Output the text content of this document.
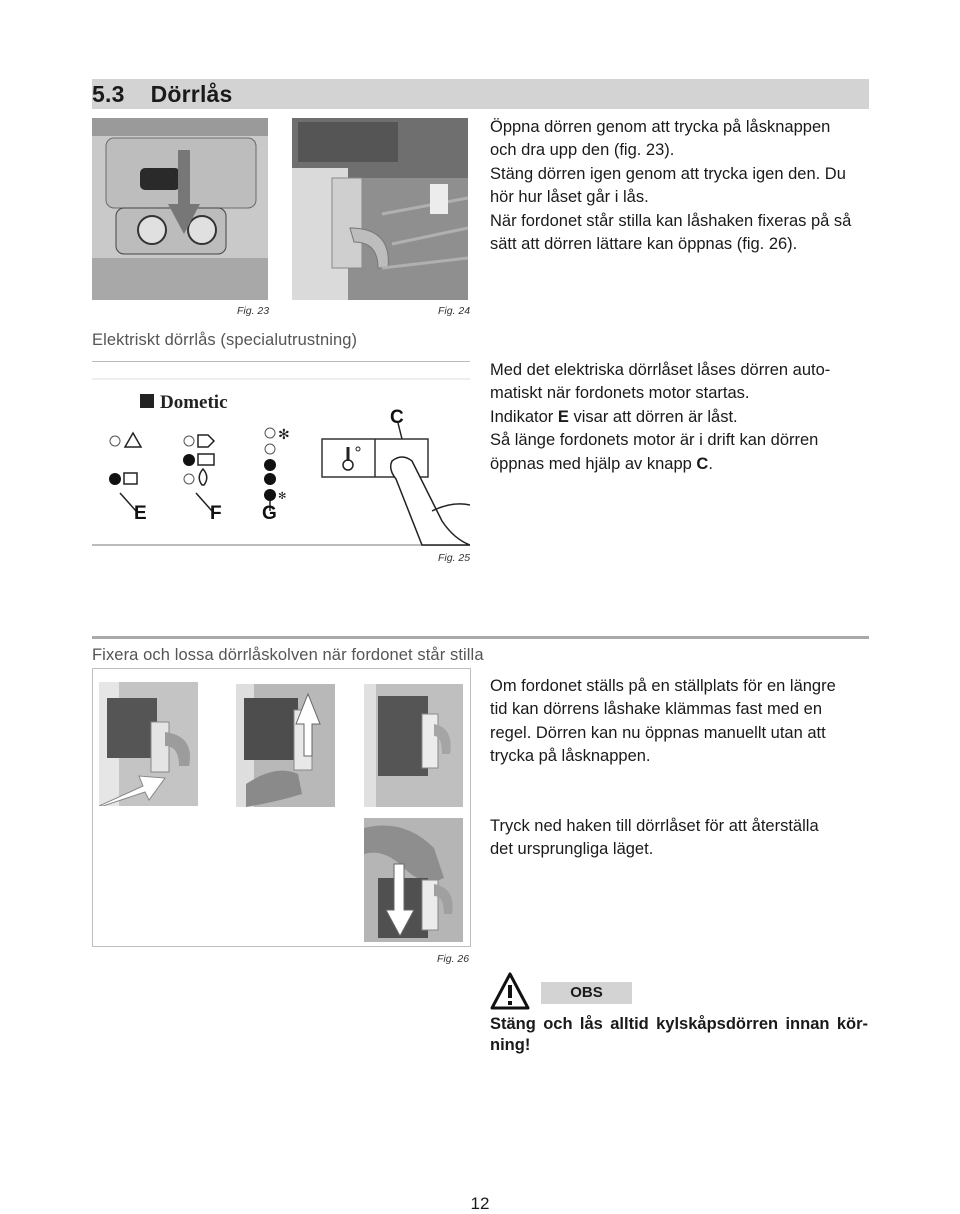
5.3 Dörrlås
Fig. 23	Fig. 24

Öppna dörren genom att trycka på låsknappen

och dra upp den (fig. 23).

Stäng dörren igen genom att trycka igen den. Du

hör hur låset går i lås.

När fordonet står stilla kan låshaken fixeras på så

sätt att dörren lättare kan öppnas (fig. 26).

Elektriskt dörrlås (specialutrustning)
Dometic
✻
✻
C
E	F G
Fig. 25

Med det elektriska dörrlåset låses dörren auto-

matiskt när fordonets motor startas.

Indikator E visar att dörren är låst.

Så länge fordonets motor är i drift kan dörren

öppnas med hjälp av knapp C.

Fixera och lossa dörrlåskolven när fordonet står stilla
Fig. 26

Om fordonet ställs på en ställplats för en längre

tid kan dörrens låshake klämmas fast med en

regel. Dörren kan nu öppnas manuellt utan att

trycka på låsknappen.

Tryck ned haken till dörrlåset för att återställa

det ursprungliga läget.

OBS
Stäng och lås alltid kylskåpsdörren innan kör-ning!
12
